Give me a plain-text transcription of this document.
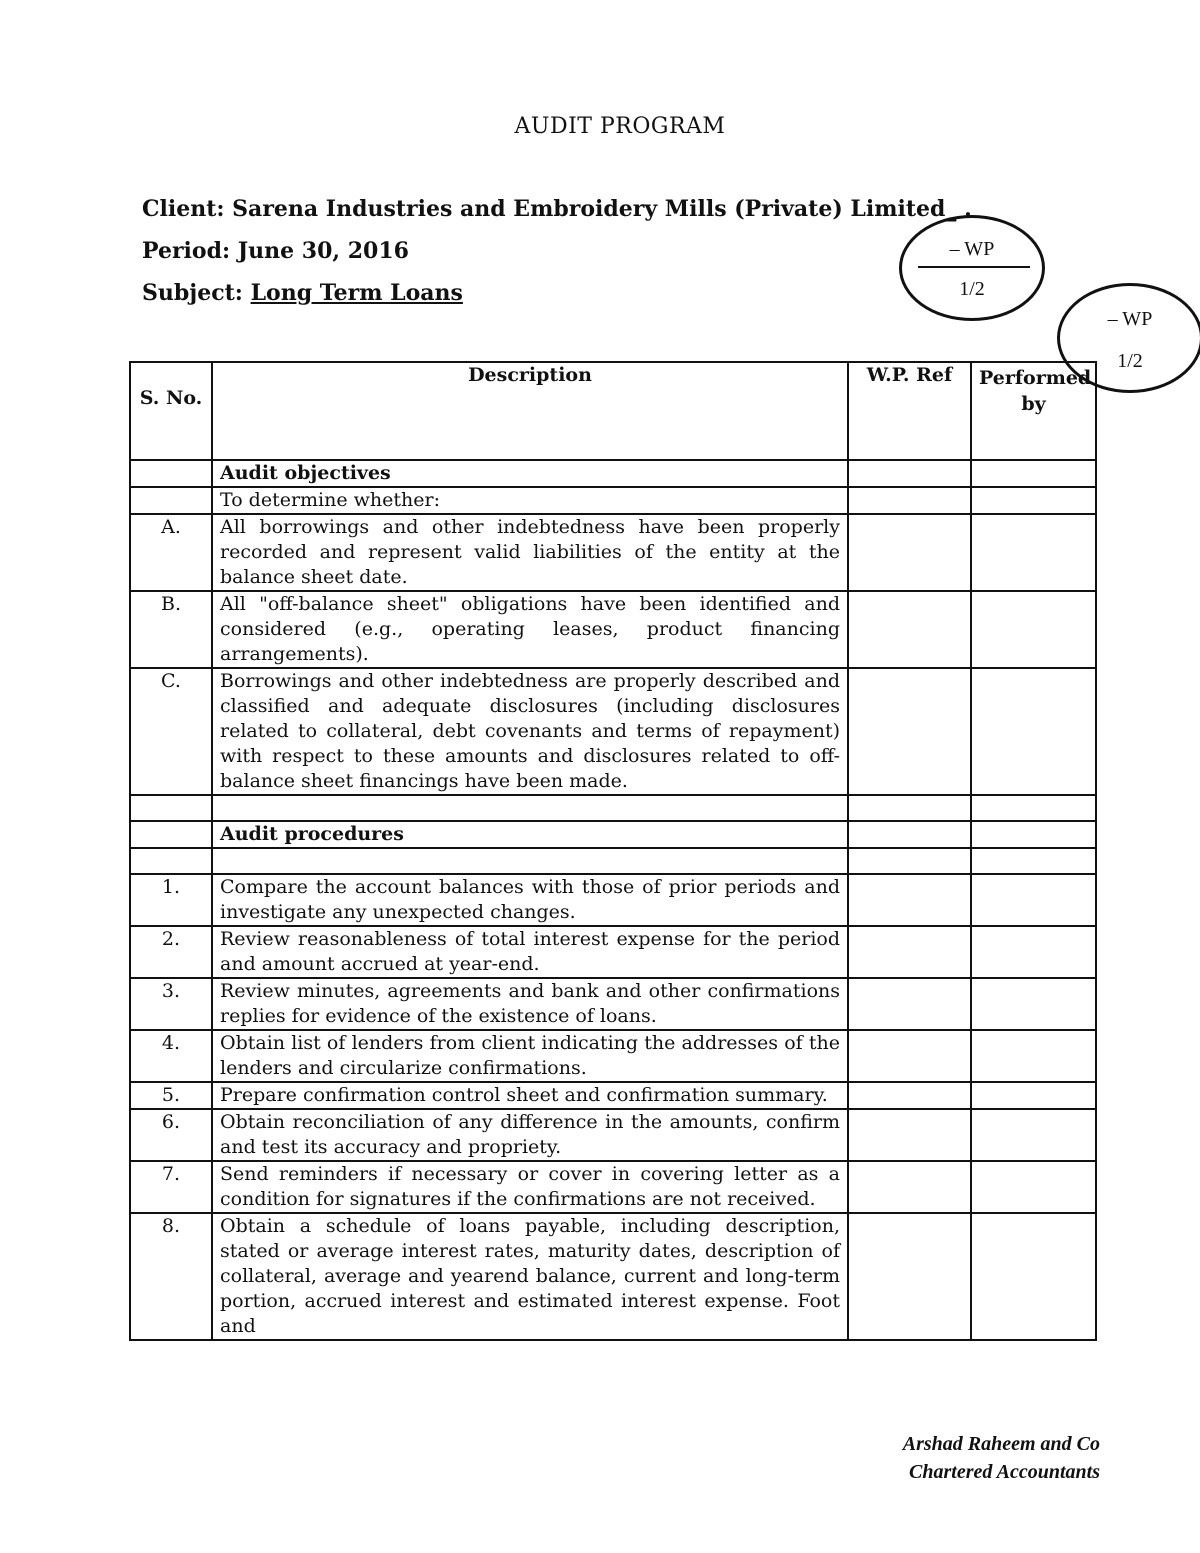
AUDIT PROGRAM
Client: Sarena Industries and Embroidery Mills (Private) Limited_ .
Period: June 30, 2016
Subject: Long Term Loans
– WP
1/2
– WP
1/2
S. No.	Description	W.P. Ref	Performed by
	Audit objectives		
	To determine whether:		
A.	All borrowings and other indebtedness have been properly recorded and represent valid liabilities of the entity at the balance sheet date.		
B.	All "off-balance sheet" obligations have been identified and considered (e.g., operating leases, product financing arrangements).		
C.	Borrowings and other indebtedness are properly described and classified and adequate disclosures (including disclosures related to collateral, debt covenants and terms of repayment) with respect to these amounts and disclosures related to off-balance sheet financings have been made.		

	Audit procedures		

1.	Compare the account balances with those of prior periods and investigate any unexpected changes.		
2.	Review reasonableness of total interest expense for the period and amount accrued at year-end.		
3.	Review minutes, agreements and bank and other confirmations replies for evidence of the existence of loans.		
4.	Obtain list of lenders from client indicating the addresses of the lenders and circularize confirmations.		
5.	Prepare confirmation control sheet and confirmation summary.		
6.	Obtain reconciliation of any difference in the amounts, confirm and test its accuracy and propriety.		
7.	Send reminders if necessary or cover in covering letter as a condition for signatures if the confirmations are not received.		
8.	Obtain a schedule of loans payable, including description, stated or average interest rates, maturity dates, description of collateral, average and yearend balance, current and long-term portion, accrued interest and estimated interest expense. Foot and		
Arshad Raheem and Co
Chartered Accountants
